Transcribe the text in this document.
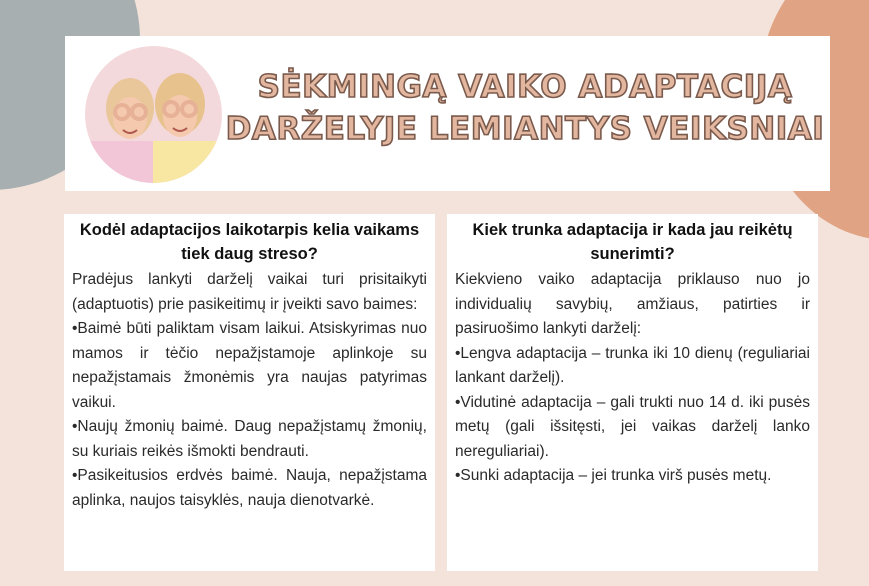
SĖKMINGĄ VAIKO ADAPTACIJĄ
DARŽELYJE LEMIANTYS VEIKSNIAI
Kodėl adaptacijos laikotarpis kelia vaikams tiek daug streso?

Pradėjus lankyti darželį vaikai turi prisitaikyti (adaptuotis) prie pasikeitimų ir įveikti savo baimes:

•Baimė būti paliktam visam laikui. Atsiskyrimas nuo mamos ir tėčio nepažįstamoje aplinkoje su nepažįstamais žmonėmis yra naujas patyrimas vaikui.

•Naujų žmonių baimė. Daug nepažįstamų žmonių, su kuriais reikės išmokti bendrauti.

•Pasikeitusios erdvės baimė. Nauja, nepažįstama aplinka, naujos taisyklės, nauja dienotvarkė.

Kiek trunka adaptacija ir kada jau reikėtų sunerimti?

Kiekvieno vaiko adaptacija priklauso nuo jo individualių savybių, amžiaus, patirties ir pasiruošimo lankyti darželį:

•Lengva adaptacija – trunka iki 10 dienų (reguliariai lankant darželį).

•Vidutinė adaptacija – gali trukti nuo 14 d. iki pusės metų (gali išsitęsti, jei vaikas darželį lanko nereguliariai).

•Sunki adaptacija – jei trunka virš pusės metų.
